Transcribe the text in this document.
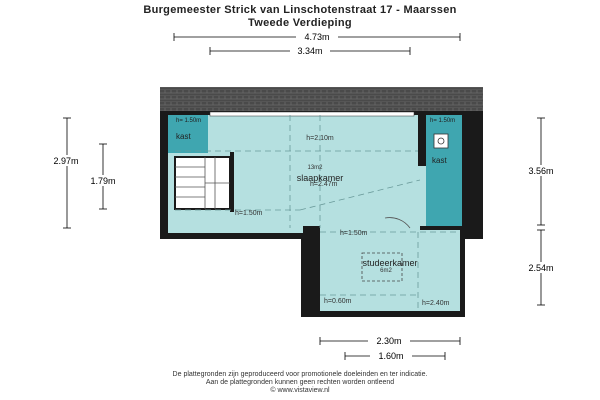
Burgemeester Strick van Linschotenstraat 17 - Maarssen
Tweede Verdieping
slaapkamer
13m2
h=2.10m
h=2.47m
h=1.50m
studeerkamer
6m2
h=1.50m
h=0.60m	h=2.40m
kast
h= 1.50m
kast
h= 1.50m
4.73m
3.34m
2.97m
1.79m
3.56m
2.54m
2.30m
1.60m
De plattegronden zijn geproduceerd voor promotionele doeleinden en ter indicatie.
Aan de plattegronden kunnen geen rechten worden ontleend
© www.vistaview.nl
